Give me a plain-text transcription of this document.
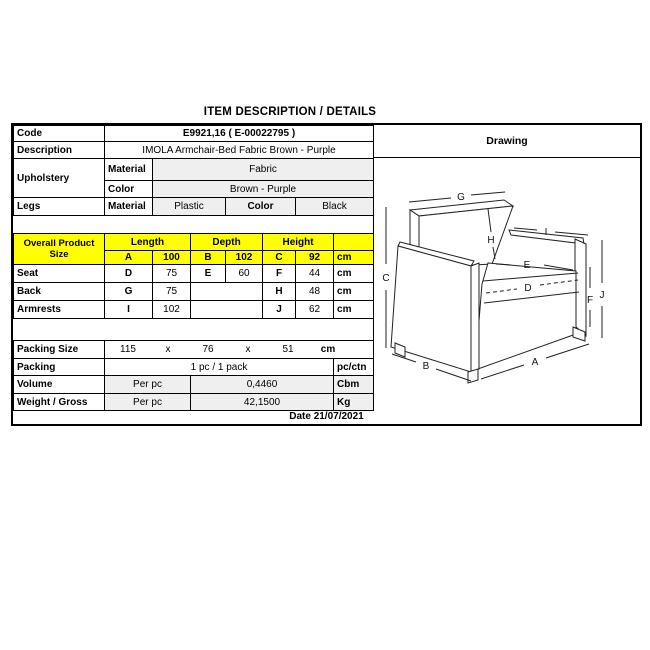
ITEM DESCRIPTION / DETAILS
Code	E9921,16 ( E-00022795 )			
Description	IMOLA Armchair-Bed Fabric Brown - Purple			
Upholstery	Material	Fabric		
	Color	Brown - Purple		
Legs	Material	Plastic	Color	Black
Overall Product Size	Length		Depth		Height		
	A	100	B	102	C	92	cm
Seat	D	75	E	60	F	44	cm
Back	G	75			H	48	cm
Armrests	I	102			J	62	cm
Packing Size	115	x	76	x	51	cm

Packing	1 pc / 1 pack		pc/ctn
Volume	Per pc	0,4460	Cbm
Weight / Gross	Per pc	42,1500	Kg
Date 21/07/2021
Drawing
G
H
I
C
B	A
F J
E
D
